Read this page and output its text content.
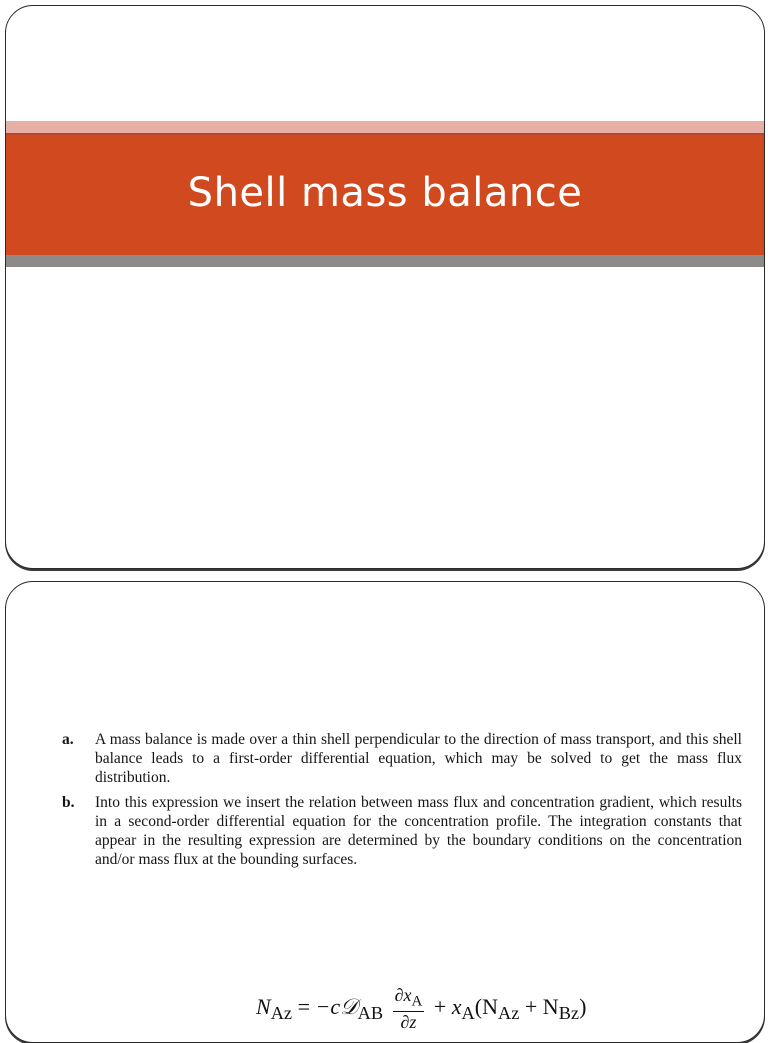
Shell mass balance
a. A mass balance is made over a thin shell perpendicular to the direction of mass transport, and this shell balance leads to a first-order differential equation, which may be solved to get the mass flux distribution.
b. Into this expression we insert the relation between mass flux and concentration gradient, which results in a second-order differential equation for the concentration profile. The integration constants that appear in the resulting expression are determined by the boundary conditions on the concentration and/or mass flux at the bounding surfaces.
$N_{Az}$ = −c𝒟$_{AB}$ $\frac{\partial x_A}{\partial z} + x_A(N_{Az} + N_{Bz})$
